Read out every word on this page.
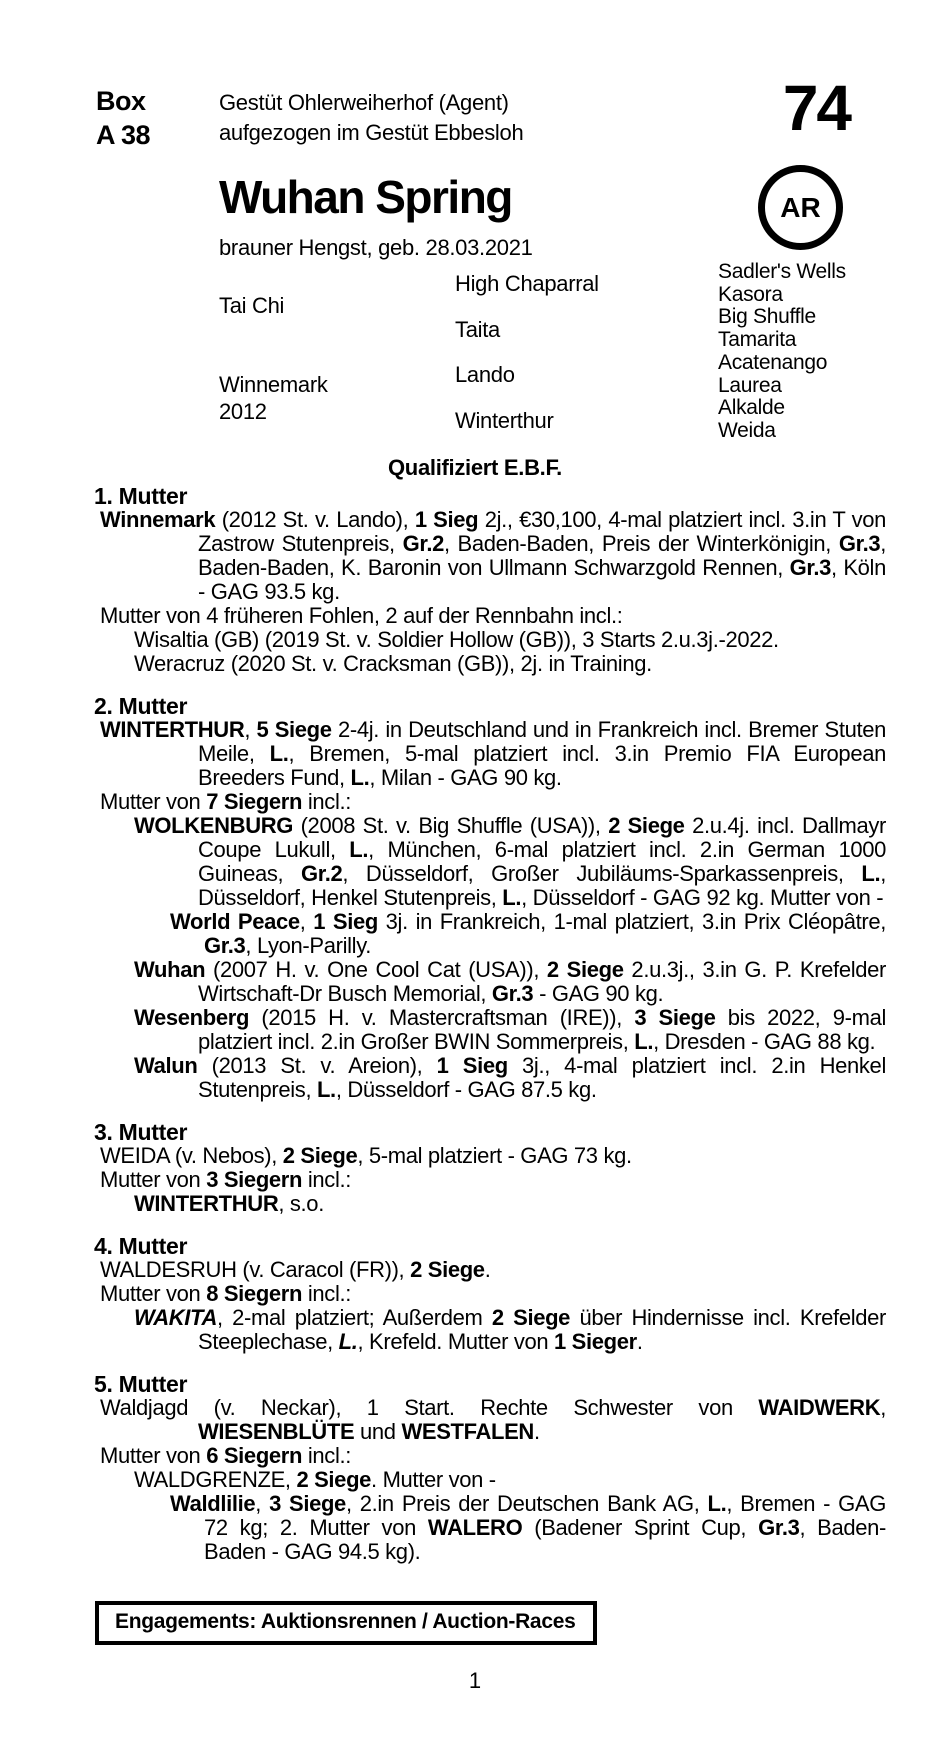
Box
A 38
Gestüt Ohlerweiherhof (Agent)
aufgezogen im Gestüt Ebbesloh	74
Wuhan Spring
brauner Hengst, geb. 28.03.2021
AR
Tai Chi
Winnemark
2012
High Chaparral
Taita
Lando
Winterthur
Sadler's Wells
Kasora
Big Shuffle
Tamarita
Acatenango
Laurea
Alkalde
Weida
Qualifiziert E.B.F.
1. Mutter

Winnemark (2012 St. v. Lando), 1 Sieg 2j., €30,100, 4-mal platziert incl. 3.in T von Zastrow Stutenpreis, Gr.2, Baden-Baden, Preis der Winterkönigin, Gr.3, Baden-Baden, K. Baronin von Ullmann Schwarzgold Rennen, Gr.3, Köln - GAG 93.5 kg.

Mutter von 4 früheren Fohlen, 2 auf der Rennbahn incl.:

Wisaltia (GB) (2019 St. v. Soldier Hollow (GB)), 3 Starts 2.u.3j.-2022.

Weracruz (2020 St. v. Cracksman (GB)), 2j. in Training.

2. Mutter

WINTERTHUR, 5 Siege 2-4j. in Deutschland und in Frankreich incl. Bremer Stuten Meile, L., Bremen, 5-mal platziert incl. 3.in Premio FIA European Breeders Fund, L., Milan - GAG 90 kg.

Mutter von 7 Siegern incl.:

WOLKENBURG (2008 St. v. Big Shuffle (USA)), 2 Siege 2.u.4j. incl. Dallmayr Coupe Lukull, L., München, 6-mal platziert incl. 2.in German 1000 Guineas, Gr.2, Düsseldorf, Großer Jubiläums-Sparkassenpreis, L., Düsseldorf, Henkel Stutenpreis, L., Düsseldorf - GAG 92 kg. Mutter von -

World Peace, 1 Sieg 3j. in Frankreich, 1-mal platziert, 3.in Prix Cléopâtre, Gr.3, Lyon-Parilly.

Wuhan (2007 H. v. One Cool Cat (USA)), 2 Siege 2.u.3j., 3.in G. P. Krefelder Wirtschaft-Dr Busch Memorial, Gr.3 - GAG 90 kg.

Wesenberg (2015 H. v. Mastercraftsman (IRE)), 3 Siege bis 2022, 9-mal platziert incl. 2.in Großer BWIN Sommerpreis, L., Dresden - GAG 88 kg.

Walun (2013 St. v. Areion), 1 Sieg 3j., 4-mal platziert incl. 2.in Henkel Stutenpreis, L., Düsseldorf - GAG 87.5 kg.

3. Mutter

WEIDA (v. Nebos), 2 Siege, 5-mal platziert - GAG 73 kg.

Mutter von 3 Siegern incl.:

WINTERTHUR, s.o.

4. Mutter

WALDESRUH (v. Caracol (FR)), 2 Siege.

Mutter von 8 Siegern incl.:

WAKITA, 2-mal platziert; Außerdem 2 Siege über Hindernisse incl. Krefelder Steeplechase, L., Krefeld. Mutter von 1 Sieger.

5. Mutter

Waldjagd (v. Neckar), 1 Start. Rechte Schwester von WAIDWERK, WIESENBLÜTE und WESTFALEN.

Mutter von 6 Siegern incl.:

WALDGRENZE, 2 Siege. Mutter von -

Waldlilie, 3 Siege, 2.in Preis der Deutschen Bank AG, L., Bremen - GAG 72 kg; 2. Mutter von WALERO (Badener Sprint Cup, Gr.3, Baden-Baden - GAG 94.5 kg).

Engagements: Auktionsrennen / Auction-Races
1
